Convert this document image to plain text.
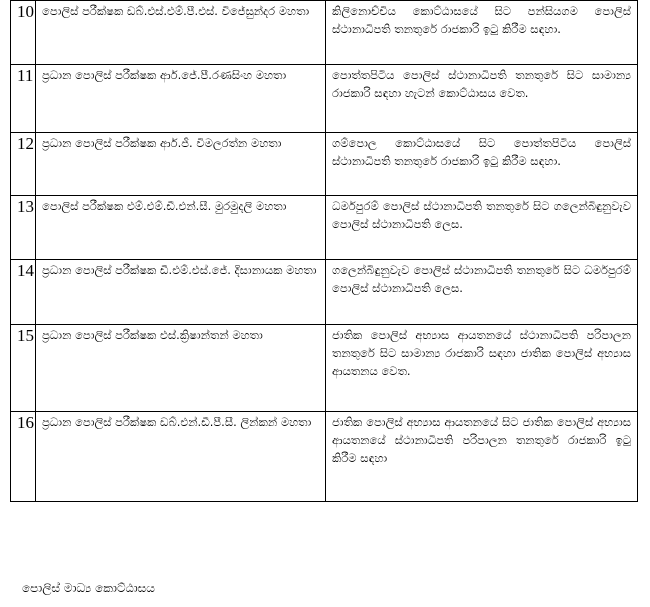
10	පොලිස් පරීක්ෂක ඩබ්.එස්.එම්.පී.එස්. විජේසුන්දර මහතා	කිලිනොච්චිය කොට්ඨාසයේ සිට පන්සියගම පොලිස් ස්ථානාධිපති තනතුරේ රාජකාරි ඉටු කිරීම සඳහා.
11	ප්‍රධාන පොලිස් පරීක්ෂක ආර්.ජේ.පී.රණසිංහ මහතා	පොත්තපිටිය පොලිස් ස්ථානාධිපති තනතුරේ සිට සාමාන්‍ය රාජකාරි සඳහා හැටන් කොට්ඨාසය වෙත.
12	ප්‍රධාන පොලිස් පරීක්ෂක ආර්.ජී. විමලරත්න මහතා	ගම්පොල කොට්ඨාසයේ සිට පොත්තපිටිය පොලිස් ස්ථානාධිපති තනතුරේ රාජකාරි ඉටු කිරීම සඳහා.
13	පොලිස් පරීක්ෂක එම්.එම්.ඩී.එන්.සී. මුරමුදලි මහතා	ධර්මපුරම් පොලිස් ස්ථානාධිපති තනතුරේ සිට ගලෙන්බිඳුනුවැව පොලිස් ස්ථානාධිපති ලෙස.
14	ප්‍රධාන පොලිස් පරීක්ෂක ඩී.එම්.එස්.ජේ. දිසානායක මහතා	ගලෙන්බිඳුනුවැව පොලිස් ස්ථානාධිපති තනතුරේ සිට ධර්මපුරම් පොලිස් ස්ථානාධිපති ලෙස.
15	ප්‍රධාන පොලිස් පරීක්ෂක එස්.ක්‍රිෂාන්තන් මහතා	ජාතික පොලිස් අභ්‍යාස ආයතනයේ ස්ථානාධිපති පරිපාලන තනතුරේ සිට සාමාන්‍ය රාජකාරි සඳහා ජාතික පොලිස් අභ්‍යාස ආයතනය වෙත.
16	ප්‍රධාන පොලිස් පරීක්ෂක ඩබ්.එන්.ඩී.පී.සී. ලින්කන් මහතා	ජාතික පොලිස් අභ්‍යාස ආයතනයේ සිට ජාතික පොලිස් අභ්‍යාස ආයතනයේ ස්ථානාධිපති පරිපාලන තනතුරේ රාජකාරි ඉටු කිරීම සඳහා
පොලිස් මාධ්‍ය කොට්ඨාසය
